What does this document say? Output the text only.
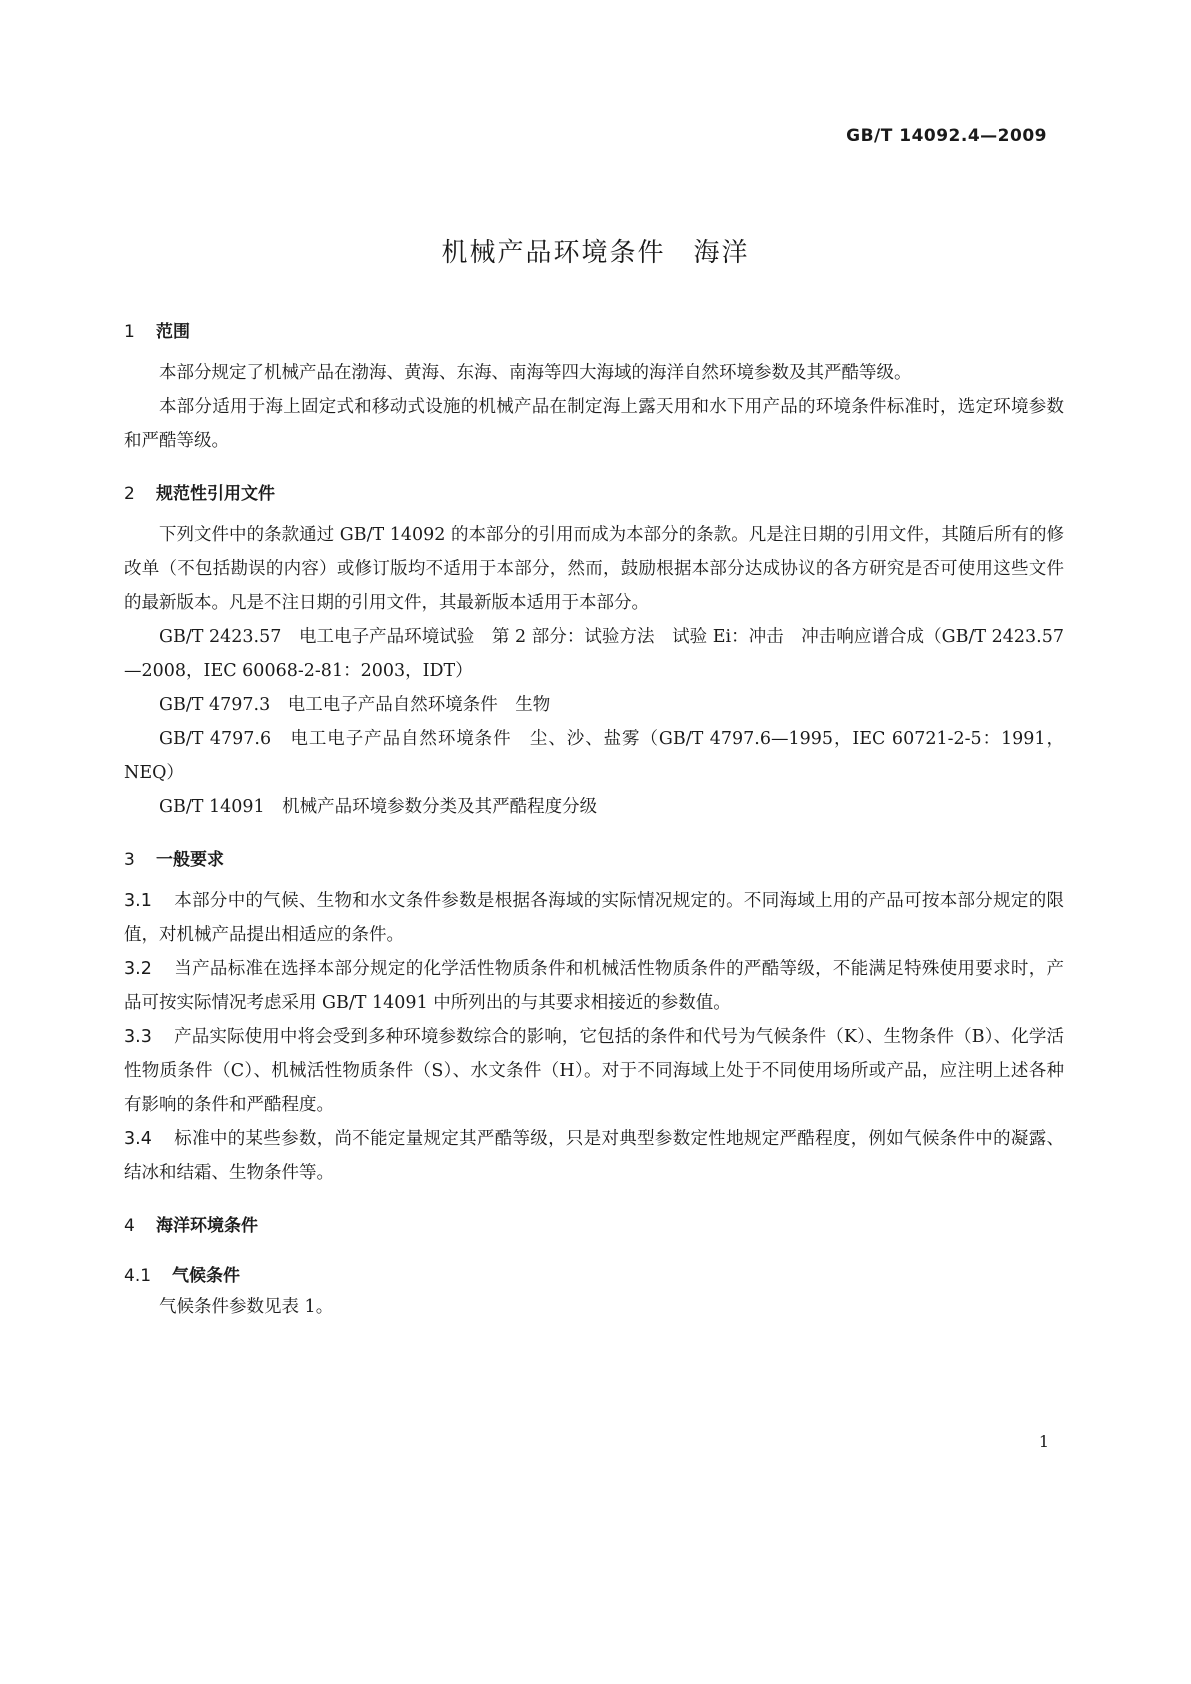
GB/T 14092.4—2009
机械产品环境条件　海洋
1 范围

本部分规定了机械产品在渤海、黄海、东海、南海等四大海域的海洋自然环境参数及其严酷等级。

本部分适用于海上固定式和移动式设施的机械产品在制定海上露天用和水下用产品的环境条件标准时，选定环境参数和严酷等级。

2 规范性引用文件

下列文件中的条款通过 GB/T 14092 的本部分的引用而成为本部分的条款。凡是注日期的引用文件，其随后所有的修改单（不包括勘误的内容）或修订版均不适用于本部分，然而，鼓励根据本部分达成协议的各方研究是否可使用这些文件的最新版本。凡是不注日期的引用文件，其最新版本适用于本部分。

GB/T 2423.57　电工电子产品环境试验　第 2 部分：试验方法　试验 Ei：冲击　冲击响应谱合成（GB/T 2423.57—2008，IEC 60068-2-81：2003，IDT）

GB/T 4797.3　电工电子产品自然环境条件　生物

GB/T 4797.6　电工电子产品自然环境条件　尘、沙、盐雾（GB/T 4797.6—1995，IEC 60721-2-5：1991，NEQ）

GB/T 14091　机械产品环境参数分类及其严酷程度分级

3 一般要求

3.1 本部分中的气候、生物和水文条件参数是根据各海域的实际情况规定的。不同海域上用的产品可按本部分规定的限值，对机械产品提出相适应的条件。

3.2 当产品标准在选择本部分规定的化学活性物质条件和机械活性物质条件的严酷等级，不能满足特殊使用要求时，产品可按实际情况考虑采用 GB/T 14091 中所列出的与其要求相接近的参数值。

3.3 产品实际使用中将会受到多种环境参数综合的影响，它包括的条件和代号为气候条件（K）、生物条件（B）、化学活性物质条件（C）、机械活性物质条件（S）、水文条件（H）。对于不同海域上处于不同使用场所或产品，应注明上述各种有影响的条件和严酷程度。

3.4 标准中的某些参数，尚不能定量规定其严酷等级，只是对典型参数定性地规定严酷程度，例如气候条件中的凝露、结冰和结霜、生物条件等。

4 海洋环境条件
4.1 气候条件

气候条件参数见表 1。

1
